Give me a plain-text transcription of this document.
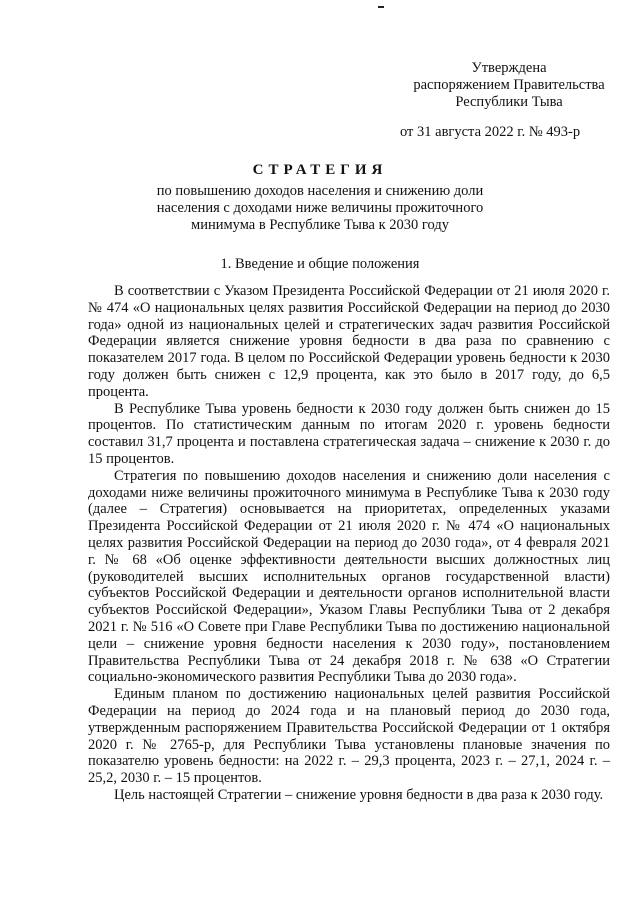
Утверждена
распоряжением Правительства
Республики Тыва
от 31 августа 2022 г. № 493-р
СТРАТЕГИЯ
по повышению доходов населения и снижению доли
населения с доходами ниже величины прожиточного
минимума в Республике Тыва к 2030 году
1. Введение и общие положения

В соответствии с Указом Президента Российской Федерации от 21 июля 2020 г. № 474 «О национальных целях развития Российской Федерации на период до 2030 года» одной из национальных целей и стратегических задач развития Российской Федерации является снижение уровня бедности в два раза по сравнению с показателем 2017 года. В целом по Российской Федерации уровень бедности к 2030 году должен быть снижен с 12,9 процента, как это было в 2017 году, до 6,5 процента.

В Республике Тыва уровень бедности к 2030 году должен быть снижен до 15 процентов. По статистическим данным по итогам 2020 г. уровень бедности составил 31,7 процента и поставлена стратегическая задача – снижение к 2030 г. до 15 процентов.

Стратегия по повышению доходов населения и снижению доли населения с доходами ниже величины прожиточного минимума в Республике Тыва к 2030 году (далее – Стратегия) основывается на приоритетах, определенных указами Президента Российской Федерации от 21 июля 2020 г. № 474 «О национальных целях развития Российской Федерации на период до 2030 года», от 4 февраля 2021 г. № 68 «Об оценке эффективности деятельности высших должностных лиц (руководителей высших исполнительных органов государственной власти) субъектов Российской Федерации и деятельности органов исполнительной власти субъектов Российской Федерации», Указом Главы Республики Тыва от 2 декабря 2021 г. № 516 «О Совете при Главе Республики Тыва по достижению национальной цели – снижение уровня бедности населения к 2030 году», постановлением Правительства Республики Тыва от 24 декабря 2018 г. № 638 «О Стратегии социально-экономического развития Республики Тыва до 2030 года».

Единым планом по достижению национальных целей развития Российской Федерации на период до 2024 года и на плановый период до 2030 года, утвержденным распоряжением Правительства Российской Федерации от 1 октября 2020 г. № 2765-р, для Республики Тыва установлены плановые значения по показателю уровень бедности: на 2022 г. – 29,3 процента, 2023 г. – 27,1, 2024 г. – 25,2, 2030 г. – 15 процентов.

Цель настоящей Стратегии – снижение уровня бедности в два раза к 2030 году.
